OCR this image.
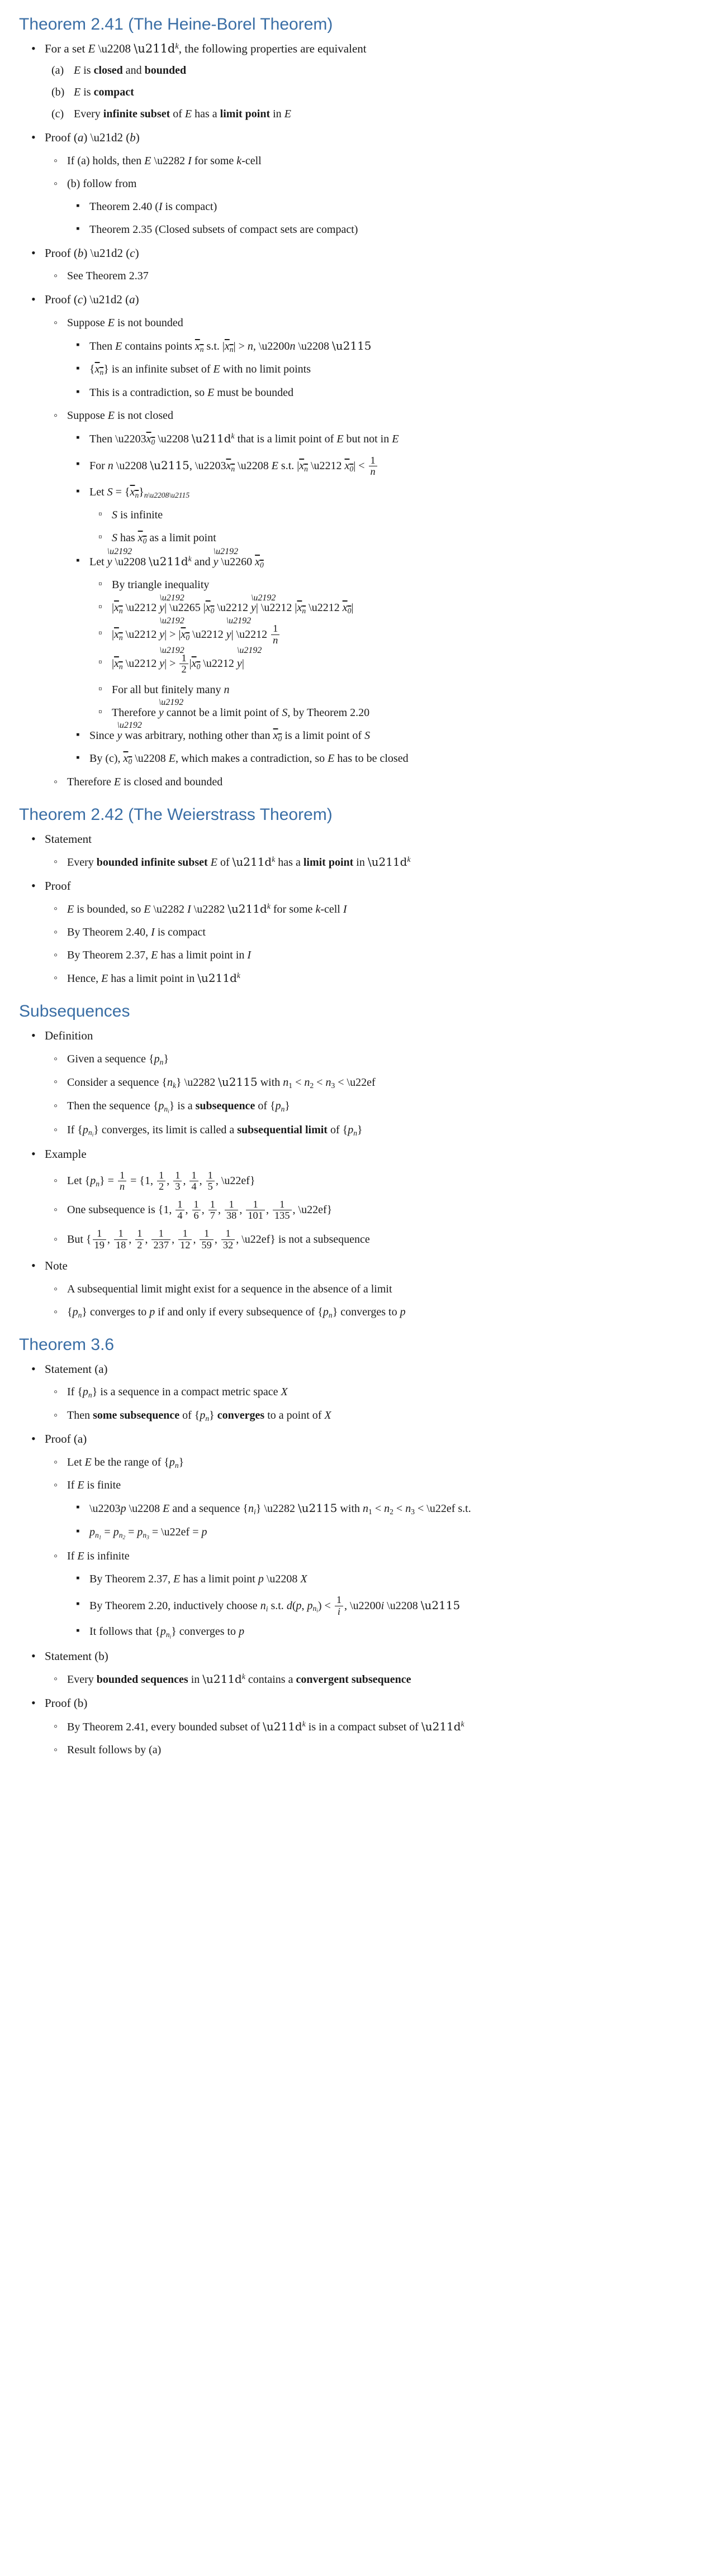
Theorem 2.41 (The Heine-Borel Theorem)
• For a set E \u2208 $\backslash u211d^k$, the following properties are equivalent
(a) E is closed and bounded
(b) E is compact
(c) Every infinite subset of E has a limit point in E
• Proof (a) \u21d2 (b)
◦ If (a) holds, then E \u2282 I for some k-cell
◦ (b) follow from
▪ Theorem 2.40 (I is compact)
▪ Theorem 2.35 (Closed subsets of compact sets are compact)
• Proof (b) \u21d2 (c)
◦ See Theorem 2.37
• Proof (c) \u21d2 (a)
◦ Suppose E is not bounded
▪ Then E contains points $x_n$ s.t. $|x_n| > n$, \u2200n \u2208 \u2115
▪ $\{x_n\}$ is an infinite subset of E with no limit points
▪ This is a contradiction, so E must be bounded
◦ Suppose E is not closed
▪ Then $\backslash u2203x_0$ \u2208 $\backslash u211d^k$ that is a limit point of E but not in E
▪ For n \u2208 \u2115, $\backslash u2203x_n$ \u2208 E s.t. $|x_n$ \u2212 $x_0| < \frac{1}{n}$
▪ Let $S = \{x_n\}_{n\backslash u2208\backslash u2115}$
▫ S is infinite
▫ S has $x_0$ as a limit point
▪ Let y
\u2192
\u2208 $\backslash u211d^k$ and y
\u2192
\u2260 $x_0$
▫ By triangle inequality
▫ $|x_n$ \u2212 y
\u2192
| \u2265 $|x_0$ \u2212 y
\u2192
| \u2212 $|x_n$ \u2212 $x_0|$
▫ $|x_n$ \u2212 y
\u2192
| > $|x_0$ \u2212 y
\u2192
| \u2212 $\frac{1}{n}$
▫ $|x_n$ \u2212 y
\u2192
| > $\frac{1}{2} |x_0$ \u2212 y
\u2192
|
▫ For all but finitely many n
▫ Therefore y
\u2192
cannot be a limit point of S, by Theorem 2.20
▪ Since y
\u2192
was arbitrary, nothing other than $x_0$ is a limit point of S
▪ By (c), $x_0$ \u2208 E, which makes a contradiction, so E has to be closed
◦ Therefore E is closed and bounded
Theorem 2.42 (The Weierstrass Theorem)
• Statement
◦ Every bounded infinite subset E of $\backslash u211d^k$ has a limit point in $\backslash u211d^k$
• Proof
◦ E is bounded, so E \u2282 I \u2282 $\backslash u211d^k$ for some k-cell I
◦ By Theorem 2.40, I is compact
◦ By Theorem 2.37, E has a limit point in I
◦ Hence, E has a limit point in $\backslash u211d^k$
Subsequences
• Definition
◦ Given a sequence $\{p_n\}$
◦ Consider a sequence $\{n_k\}$ \u2282 \u2115 with $n_1 < n_2 < n_3$ < \u22ef
◦ Then the sequence $\{p_{n_i}\}$ is a subsequence of $\{p_n\}$
◦ If $\{p_{n_i}\}$ converges, its limit is called a subsequential limit of $\{p_n\}$
• Example
◦ Let $\{p_n\} = \frac{1}{n} = \{1$, $\frac{1}{2}$ , $\frac{1}{3}$ , $\frac{1}{4}$ , $\frac{1}{5}$ , \u22ef}
◦ One subsequence is {1, $\frac{1}{4}$ , $\frac{1}{6}$ , $\frac{1}{7}$ , $\frac{1}{38}$ , $\frac{1}{101}$ , $\frac{1}{135}$ , \u22ef}
◦ But { $\frac{1}{19}$ , $\frac{1}{18}$ , $\frac{1}{2}$ , $\frac{1}{237}$ , $\frac{1}{12}$ , $\frac{1}{59}$ , $\frac{1}{32}$ , \u22ef} is not a subsequence
• Note
◦ A subsequential limit might exist for a sequence in the absence of a limit
◦ $\{p_n\}$ converges to p if and only if every subsequence of $\{p_n\}$ converges to p
Theorem 3.6
• Statement (a)
◦ If $\{p_n\}$ is a sequence in a compact metric space X
◦ Then some subsequence of $\{p_n\}$ converges to a point of X
• Proof (a)
◦ Let E be the range of $\{p_n\}$
◦ If E is finite
▪ \u2203p \u2208 E and a sequence $\{n_i\}$ \u2282 \u2115 with $n_1 < n_2 < n_3$ < \u22ef s.t.
▪ $p_{n_1} = p_{n_2} = p_{n_3}$ = \u22ef = p
◦ If E is infinite
▪ By Theorem 2.37, E has a limit point p \u2208 X
▪ By Theorem 2.20, inductively choose $n_i$ s.t. d(p, $p_{n_i}) < \frac{1}{i}$ , \u2200i \u2208 \u2115
▪ It follows that $\{p_{n_i}\}$ converges to p
• Statement (b)
◦ Every bounded sequences in $\backslash u211d^k$ contains a convergent subsequence
• Proof (b)
◦ By Theorem 2.41, every bounded subset of $\backslash u211d^k$ is in a compact subset of $\backslash u211d^k$
◦ Result follows by (a)
